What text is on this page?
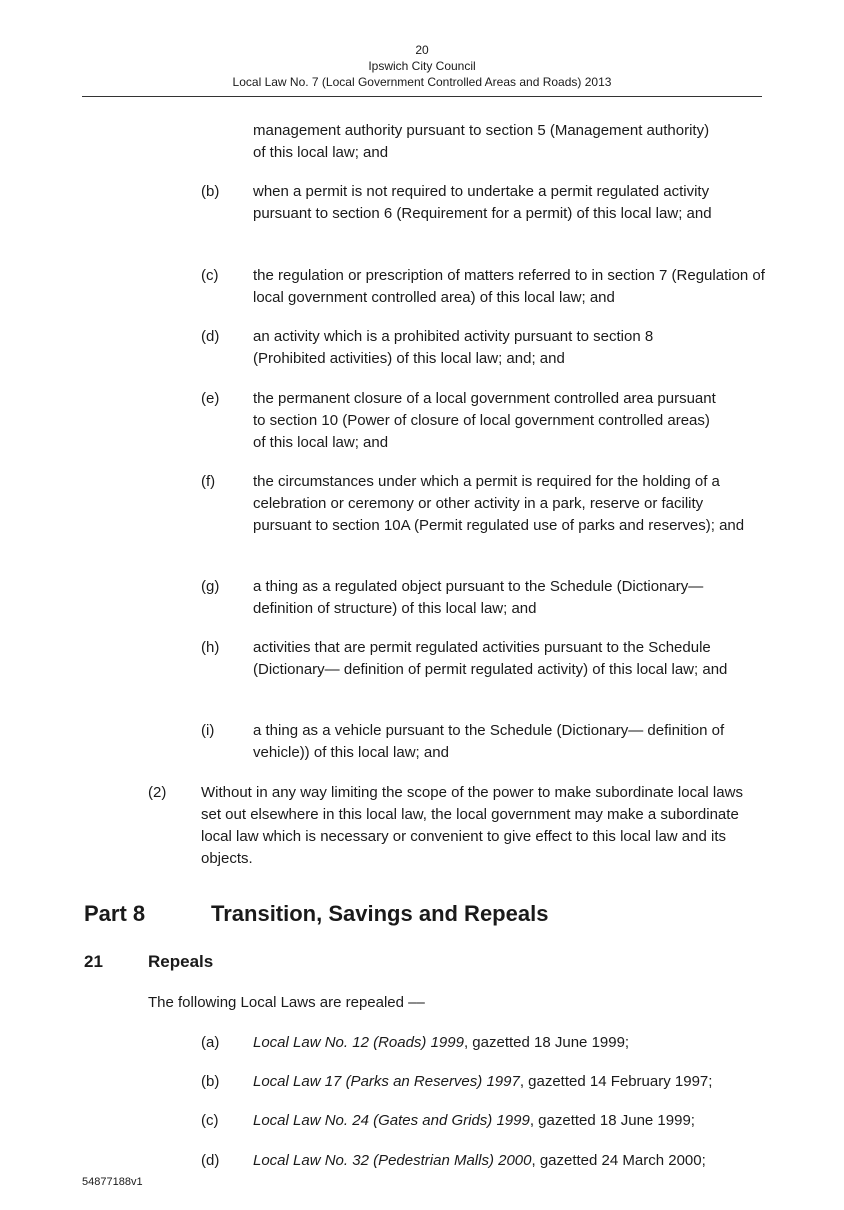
20
Ipswich City Council
Local Law No. 7 (Local Government Controlled Areas and Roads) 2013
management authority pursuant to section 5 (Management authority) of this local law; and
(b) when a permit is not required to undertake a permit regulated activity pursuant to section 6 (Requirement for a permit) of this local law; and
(c) the regulation or prescription of matters referred to in section 7 (Regulation of local government controlled area) of this local law; and
(d) an activity which is a prohibited activity pursuant to section 8 (Prohibited activities) of this local law; and; and
(e) the permanent closure of a local government controlled area pursuant to section 10 (Power of closure of local government controlled areas) of this local law; and
(f)	the circumstances under which a permit is required for the holding of a celebration or ceremony or other activity in a park, reserve or facility pursuant to section 10A (Permit regulated use of parks and reserves); and
(g) a thing as a regulated object pursuant to the Schedule (Dictionary— definition of structure) of this local law; and
(h) activities that are permit regulated activities pursuant to the Schedule (Dictionary— definition of permit regulated activity) of this local law; and
(i)	a thing as a vehicle pursuant to the Schedule (Dictionary— definition of vehicle)) of this local law; and
(2) Without in any way limiting the scope of the power to make subordinate local laws set out elsewhere in this local law, the local government may make a subordinate local law which is necessary or convenient to give effect to this local law and its objects.
Part 8	Transition, Savings and Repeals
21	Repeals
The following Local Laws are repealed ––
(a) Local Law No. 12 (Roads) 1999, gazetted 18 June 1999;
(b) Local Law 17 (Parks an Reserves) 1997, gazetted 14 February 1997;
(c) Local Law No. 24 (Gates and Grids) 1999, gazetted 18 June 1999;
(d) Local Law No. 32 (Pedestrian Malls) 2000, gazetted 24 March 2000;
54877188v1
